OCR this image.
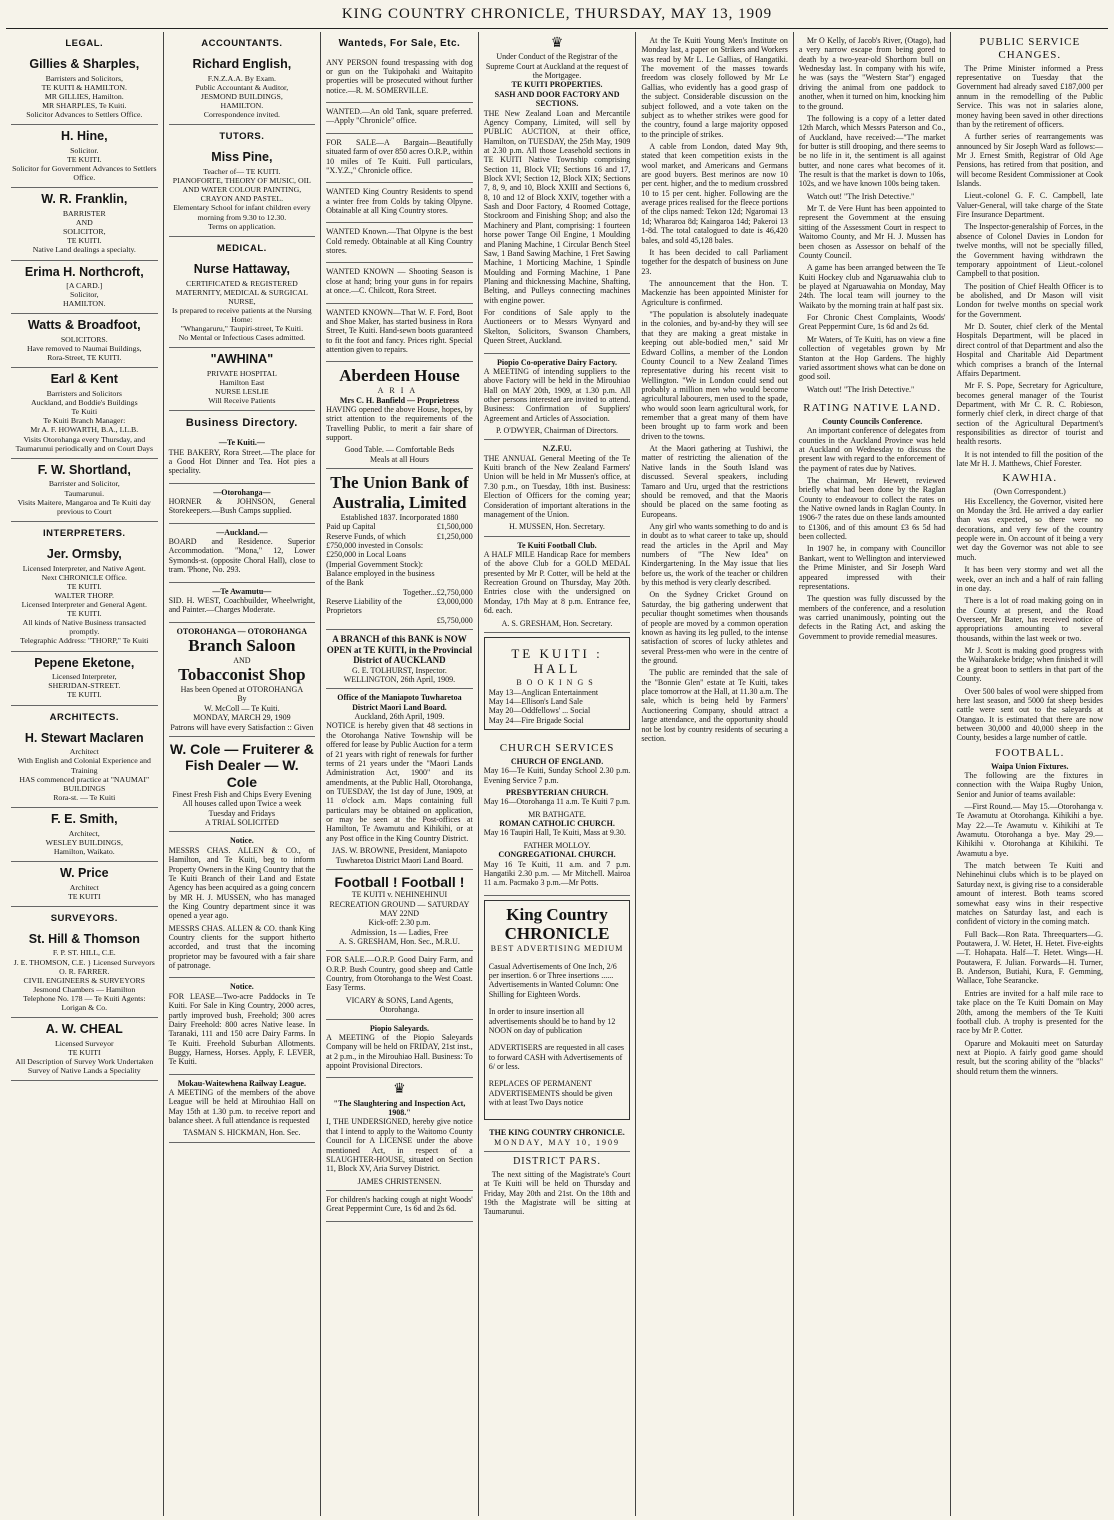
KING COUNTRY CHRONICLE, THURSDAY, MAY 13, 1909
LEGAL.
Gillies & Sharples,
Barristers and Solicitors,
TE KUITI & HAMILTON.
MR GILLIES, Hamilton.
MR SHARPLES, Te Kuiti.
Solicitor Advances to Settlers Office.
H. Hine,
Solicitor.
TE KUITI.
Solicitor for Government Advances to Settlers Office.
W. R. Franklin,
BARRISTER
AND
SOLICITOR,
TE KUITI.
Native Land dealings a specialty.
Erima H. Northcroft,
[A CARD.]
Solicitor,
HAMILTON.
Watts & Broadfoot,
SOLICITORS.
Have removed to Naumai Buildings,
Rora-Street, TE KUITI.
Earl & Kent
Barristers and Solicitors
Auckland, and Boddie's Buildings
Te Kuiti
Te Kuiti Branch Manager:
Mr A. F. HOWARTH, B.A., LL.B.
Visits Otorohanga every Thursday, and Taumarunui periodically and on Court Days
F. W. Shortland,
Barrister and Solicitor,
Taumarunui.
Visits Maitere, Mangaroa and Te Kuiti day previous to Court
INTERPRETERS.
Jer. Ormsby,
Licensed Interpreter, and Native Agent.
Next CHRONICLE Office.
TE KUITI.
WALTER THORP.
Licensed Interpreter and General Agent.
TE KUITI.
All kinds of Native Business transacted promptly.
Telegraphic Address: "THORP," Te Kuiti
Pepene Eketone,
Licensed Interpreter,
SHERIDAN-STREET.
TE KUITI.
ARCHITECTS.
H. Stewart Maclaren
Architect
With English and Colonial Experience and Training
HAS commenced practice at "NAUMAI" BUILDINGS
Rora-st. — Te Kuiti
F. E. Smith,
Architect,
WESLEY BUILDINGS,
Hamilton, Waikato.
W. Price
Architect
TE KUITI
SURVEYORS.
St. Hill & Thomson
F. P. ST. HILL, C.E.
J. E. THOMSON, C.E. } Licensed Surveyors
O. R. FARRER.
CIVIL ENGINEERS & SURVEYORS
Jesmond Chambers — Hamilton
Telephone No. 178 — Te Kuiti Agents: Lorigan & Co.
A. W. CHEAL
Licensed Surveyor
TE KUITI
All Description of Survey Work Undertaken
Survey of Native Lands a Speciality
ACCOUNTANTS.
Richard English,
F.N.Z.A.A. By Exam.
Public Accountant & Auditor,
JESMOND BUILDINGS,
HAMILTON.
Correspondence invited.
TUTORS.
Miss Pine,
Teacher of— TE KUITI.
PIANOFORTE, THEORY OF MUSIC, OIL AND WATER COLOUR PAINTING, CRAYON AND PASTEL.
Elementary School for infant children every morning from 9.30 to 12.30.
Terms on application.
MEDICAL.
Nurse Hattaway,
CERTIFICATED & REGISTERED
MATERNITY, MEDICAL & SURGICAL NURSE,
Is prepared to receive patients at the Nursing Home:
"Whangaruru," Taupiri-street, Te Kuiti.
No Mental or Infectious Cases admitted.
"AWHINA"
PRIVATE HOSPITAL
Hamilton East
NURSE LESLIE
Will Receive Patients
Business Directory.
—Te Kuiti.—

THE BAKERY, Rora Street.—The place for a Good Hot Dinner and Tea. Hot pies a speciality.

—Otorohanga—

HORNER & JOHNSON, General Storekeepers.—Bush Camps supplied.

—Auckland.—

BOARD and Residence. Superior Accommodation. "Mona," 12, Lower Symonds-st. (opposite Choral Hall), close to tram. 'Phone, No. 293.

—Te Awamutu—

SID. H. WEST, Coachbuilder, Wheelwright, and Painter.—Charges Moderate.

OTOROHANGA — OTOROHANGA
Branch Saloon
AND
Tobacconist Shop
Has been Opened at OTOROHANGA
By
W. McColl — Te Kuiti.
MONDAY, MARCH 29, 1909
Patrons will have every Satisfaction :: Given
W. Cole — Fruiterer & Fish Dealer — W. Cole
Finest Fresh Fish and Chips Every Evening
All houses called upon Twice a week Tuesday and Fridays
A TRIAL SOLICITED
Notice.

MESSRS CHAS. ALLEN & CO., of Hamilton, and Te Kuiti, beg to inform Property Owners in the King Country that the Te Kuiti Branch of their Land and Estate Agency has been acquired as a going concern by MR H. J. MUSSEN, who has managed the King Country department since it was opened a year ago.

MESSRS CHAS. ALLEN & CO. thank King Country clients for the support hitherto accorded, and trust that the incoming proprietor may be favoured with a fair share of patronage.

Notice.

FOR LEASE—Two-acre Paddocks in Te Kuiti. For Sale in King Country, 2000 acres, partly improved bush, Freehold; 300 acres Dairy Freehold: 800 acres Native lease. In Taranaki, 111 and 150 acre Dairy Farms. In Te Kuiti. Freehold Suburban Allotments. Buggy, Harness, Horses. Apply, F. LEVER, Te Kuiti.

Mokau-Waitewhena Railway League.

A MEETING of the members of the above League will be held at Mirouhiao Hall on May 15th at 1.30 p.m. to receive report and balance sheet. A full attendance is requested

TASMAN S. HICKMAN, Hon. Sec.
Wanteds, For Sale, Etc.

ANY PERSON found trespassing with dog or gun on the Tukipohaki and Waitapito properties will be prosecuted without further notice.—R. M. SOMERVILLE.

WANTED.—An old Tank, square preferred.—Apply "Chronicle" office.

FOR SALE—A Bargain—Beautifully situated farm of over 850 acres O.R.P., within 10 miles of Te Kuiti. Full particulars, "X.Y.Z.," Chronicle office.

WANTED King Country Residents to spend a winter free from Colds by taking Olpyne. Obtainable at all King Country stores.

WANTED Known.—That Olpyne is the best Cold remedy. Obtainable at all King Country stores.

WANTED KNOWN — Shooting Season is close at hand; bring your guns in for repairs at once.—C. Chilcott, Rora Street.

WANTED KNOWN—That W. F. Ford, Boot and Shoe Maker, has started business in Rora Street, Te Kuiti. Hand-sewn boots guaranteed to fit the foot and fancy. Prices right. Special attention given to repairs.

Aberdeen House
ARIA
Mrs C. H. Banfield — Proprietress

HAVING opened the above House, hopes, by strict attention to the requirements of the Travelling Public, to merit a fair share of support.

Good Table. — Comfortable Beds
Meals at all Hours
The Union Bank of Australia, Limited
Established 1837. Incorporated 1880
Paid up Capital	£1,500,000
Reserve Funds, of which £750,000 invested in Consols: £250,000 in Local Loans (Imperial Government Stock): Balance employed in the business of the Bank
£1,250,000
Together...£2,750,000
Reserve Liability of the Proprietors
£3,000,000
£5,750,000
A BRANCH of this BANK is NOW OPEN at TE KUITI, in the Provincial District of AUCKLAND
G. E. TOLHURST, Inspector.
WELLINGTON, 26th April, 1909.
Office of the Maniapoto Tuwharetoa District Maori Land Board.
Auckland, 26th April, 1909.

NOTICE is hereby given that 48 sections in the Otorohanga Native Township will be offered for lease by Public Auction for a term of 21 years with right of renewals for further terms of 21 years under the "Maori Lands Administration Act, 1900" and its amendments, at the Public Hall, Otorohanga, on TUESDAY, the 1st day of June, 1909, at 11 o'clock a.m. Maps containing full particulars may be obtained on application, or may be seen at the Post-offices at Hamilton, Te Awamutu and Kihikihi, or at any Post office in the King Country District.

JAS. W. BROWNE, President, Maniapoto Tuwharetoa District Maori Land Board.
Football ! Football !
TE KUITI v. NEHINEHINUI
RECREATION GROUND — SATURDAY MAY 22ND
Kick-off: 2.30 p.m.
Admission, 1s — Ladies, Free
A. S. GRESHAM, Hon. Sec., M.R.U.

FOR SALE.—O.R.P. Good Dairy Farm, and O.R.P. Bush Country, good sheep and Cattle Country, from Otorohanga to the West Coast. Easy Terms.

VICARY & SONS, Land Agents, Otorohanga.
Piopio Saleyards.

A MEETING of the Piopio Saleyards Company will be held on FRIDAY, 21st inst., at 2 p.m., in the Mirouhiao Hall. Business: To appoint Provisional Directors.

♛
"The Slaughtering and Inspection Act, 1908."

I, THE UNDERSIGNED, hereby give notice that I intend to apply to the Waitomo County Council for A LICENSE under the above mentioned Act, in respect of a SLAUGHTER-HOUSE, situated on Section 11, Block XV, Aria Survey District.

JAMES CHRISTENSEN.

For children's hacking cough at night Woods' Great Peppermint Cure, 1s 6d and 2s 6d.

♛
Under Conduct of the Registrar of the Supreme Court at Auckland at the request of the Mortgagee.
TE KUITI PROPERTIES.
SASH AND DOOR FACTORY AND SECTIONS.

THE New Zealand Loan and Mercantile Agency Company, Limited, will sell by PUBLIC AUCTION, at their office, Hamilton, on TUESDAY, the 25th May, 1909 at 2.30 p.m. All those Leasehold sections in TE KUITI Native Township comprising Section 11, Block VII; Sections 16 and 17, Block XVI; Section 12, Block XIX; Sections 7, 8, 9, and 10, Block XXIII and Sections 6, 8, 10 and 12 of Block XXIV, together with a Sash and Door Factory, 4 Roomed Cottage, Stockroom and Finishing Shop; and also the Machinery and Plant, comprising: 1 fourteen horse power Tange Oil Engine, 1 Moulding and Planing Machine, 1 Circular Bench Steel Saw, 1 Band Sawing Machine, 1 Fret Sawing Machine, 1 Morticing Machine, 1 Spindle Moulding and Forming Machine, 1 Pane Planing and thicknessing Machine, Shafting, Belting, and Pulleys connecting machines with engine power.

For conditions of Sale apply to the Auctioneers or to Messrs Wynyard and Skelton, Solicitors, Swanson Chambers, Queen Street, Auckland.

Piopio Co-operative Dairy Factory.

A MEETING of intending suppliers to the above Factory will be held in the Mirouhiao Hall on MAY 20th, 1909, at 1.30 p.m. All other persons interested are invited to attend. Business: Confirmation of Suppliers' Agreement and Articles of Association.

P. O'DWYER, Chairman of Directors.
N.Z.F.U.

THE ANNUAL General Meeting of the Te Kuiti branch of the New Zealand Farmers' Union will be held in Mr Mussen's office, at 7.30 p.m., on Tuesday, 18th inst. Business: Election of Officers for the coming year; Consideration of important alterations in the management of the Union.

H. MUSSEN, Hon. Secretary.
Te Kuiti Football Club.

A HALF MILE Handicap Race for members of the above Club for a GOLD MEDAL presented by Mr P. Cotter, will be held at the Recreation Ground on Thursday, May 20th. Entries close with the undersigned on Monday, 17th May at 8 p.m. Entrance fee, 6d. each.

A. S. GRESHAM, Hon. Secretary.
TE KUITI : HALL
BOOKINGS
May 13—Anglican Entertainment
May 14—Ellison's Land Sale
May 20—Oddfellows' ... Social
May 24—Fire Brigade Social
CHURCH SERVICES
CHURCH OF ENGLAND.

May 16—Te Kuiti, Sunday School 2.30 p.m. Evening Service 7 p.m.

PRESBYTERIAN CHURCH.

May 16—Otorohanga 11 a.m. Te Kuiti 7 p.m.

MR BATHGATE.
ROMAN CATHOLIC CHURCH.

May 16 Taupiri Hall, Te Kuiti, Mass at 9.30.

FATHER MOLLOY.
CONGREGATIONAL CHURCH.

May 16 Te Kuiti, 11 a.m. and 7 p.m. Hangatiki 2.30 p.m. — Mr Mitchell. Mairoa 11 a.m. Pacmako 3 p.m.—Mr Potts.

King Country CHRONICLE
BEST ADVERTISING MEDIUM

Casual Advertisements of One Inch, 2/6 per insertion. 6 or Three insertions ...... Advertisements in Wanted Column: One Shilling for Eighteen Words.

In order to insure insertion all advertisements should be to hand by 12 NOON on day of publication

ADVERTISERS are requested in all cases to forward CASH with Advertisements of 6/ or less.

REPLACES OF PERMANENT ADVERTISEMENTS should be given with at least Two Days notice

THE KING COUNTRY CHRONICLE.
MONDAY, MAY 10, 1909
DISTRICT PARS.

The next sitting of the Magistrate's Court at Te Kuiti will be held on Thursday and Friday, May 20th and 21st. On the 18th and 19th the Magistrate will be sitting at Taumarunui.

At the Te Kuiti Young Men's Institute on Monday last, a paper on Strikers and Workers was read by Mr L. Le Gallias, of Hangatiki. The movement of the masses towards freedom was closely followed by Mr Le Gallias, who evidently has a good grasp of the subject. Considerable discussion on the subject followed, and a vote taken on the subject as to whether strikes were good for the country, found a large majority opposed to the principle of strikes.

A cable from London, dated May 9th, stated that keen competition exists in the wool market, and Americans and Germans are good buyers. Best merinos are now 10 per cent. higher, and the to medium crossbred 10 to 15 per cent. higher. Following are the average prices realised for the fleece portions of the clips named: Tekon 12d; Ngaromai 13 1d; Whararoa 8d; Kaingaroa 14d; Pakeroi 13 1-8d. The total catalogued to date is 46,420 bales, and sold 45,128 bales.

It has been decided to call Parliament together for the despatch of business on June 23.

The announcement that the Hon. T. Mackenzie has been appointed Minister for Agriculture is confirmed.

"The population is absolutely inadequate in the colonies, and by-and-by they will see that they are making a great mistake in keeping out able-bodied men," said Mr Edward Collins, a member of the London County Council to a New Zealand Times representative during his recent visit to Wellington. "We in London could send out probably a million men who would become agricultural labourers, men used to the spade, who would soon learn agricultural work, for remember that a great many of them have been brought up to farm work and been driven to the towns.

At the Maori gathering at Tushiwi, the matter of restricting the alienation of the Native lands in the South Island was discussed. Several speakers, including Tamaro and Uru, urged that the restrictions should be removed, and that the Maoris should be placed on the same footing as Europeans.

Any girl who wants something to do and is in doubt as to what career to take up, should read the articles in the April and May numbers of "The New Idea" on Kindergartening. In the May issue that lies before us, the work of the teacher or children by this method is very clearly described.

On the Sydney Cricket Ground on Saturday, the big gathering underwent that peculiar thought sometimes when thousands of people are moved by a common operation known as having its leg pulled, to the intense satisfaction of scores of lucky athletes and several Press-men who were in the centre of the ground.

The public are reminded that the sale of the "Bonnie Glen" estate at Te Kuiti, takes place tomorrow at the Hall, at 11.30 a.m. The sale, which is being held by Farmers' Auctioneering Company, should attract a large attendance, and the opportunity should not be lost by country residents of securing a section.

Mr O Kelly, of Jacob's River, (Otago), had a very narrow escape from being gored to death by a two-year-old Shorthorn bull on Wednesday last. In company with his wife, he was (says the "Western Star") engaged driving the animal from one paddock to another, when it turned on him, knocking him to the ground.

The following is a copy of a letter dated 12th March, which Messrs Paterson and Co., of Auckland, have received:—"The market for butter is still drooping, and there seems to be no life in it, the sentiment is all against butter, and none cares what becomes of it. The result is that the market is down to 106s, 102s, and we have known 100s being taken.

Watch out! "The Irish Detective."

Mr T. de Vere Hunt has been appointed to represent the Government at the ensuing sitting of the Assessment Court in respect to Waitomo County, and Mr H. J. Mussen has been chosen as Assessor on behalf of the County Council.

A game has been arranged between the Te Kuiti Hockey club and Ngaruawahia club to be played at Ngaruawahia on Monday, May 24th. The local team will journey to the Waikato by the morning train at half past six.

For Chronic Chest Complaints, Woods' Great Peppermint Cure, 1s 6d and 2s 6d.

Mr Waters, of Te Kuiti, has on view a fine collection of vegetables grown by Mr Stanton at the Hop Gardens. The highly varied assortment shows what can be done on good soil.

Watch out! "The Irish Detective."

RATING NATIVE LAND.
County Councils Conference.

An important conference of delegates from counties in the Auckland Province was held at Auckland on Wednesday to discuss the present law with regard to the enforcement of the payment of rates due by Natives.

The chairman, Mr Hewett, reviewed briefly what had been done by the Raglan County to endeavour to collect the rates on the Native owned lands in Raglan County. In 1906-7 the rates due on these lands amounted to £1306, and of this amount £3 6s 5d had been collected.

In 1907 he, in company with Councillor Bankart, went to Wellington and interviewed the Prime Minister, and Sir Joseph Ward appeared impressed with their representations.

The question was fully discussed by the members of the conference, and a resolution was carried unanimously, pointing out the defects in the Rating Act, and asking the Government to provide remedial measures.

PUBLIC SERVICE CHANGES.

The Prime Minister informed a Press representative on Tuesday that the Government had already saved £187,000 per annum in the remodelling of the Public Service. This was not in salaries alone, money having been saved in other directions than by the retirement of officers.

A further series of rearrangements was announced by Sir Joseph Ward as follows:—Mr J. Ernest Smith, Registrar of Old Age Pensions, has retired from that position, and will become Resident Commissioner at Cook Islands.

Lieut.-colonel G. F. C. Campbell, late Valuer-General, will take charge of the State Fire Insurance Department.

The Inspector-generalship of Forces, in the absence of Colonel Davies in London for twelve months, will not be specially filled, the Government having withdrawn the temporary appointment of Lieut.-colonel Campbell to that position.

The position of Chief Health Officer is to be abolished, and Dr Mason will visit London for twelve months on special work for the Government.

Mr D. Souter, chief clerk of the Mental Hospitals Department, will be placed in direct control of that Department and also the Hospital and Charitable Aid Department which comprises a branch of the Internal Affairs Department.

Mr F. S. Pope, Secretary for Agriculture, becomes general manager of the Tourist Department, with Mr C. R. C. Robieson, formerly chief clerk, in direct charge of that section of the Agricultural Department's responsibilities as director of tourist and health resorts.

It is not intended to fill the position of the late Mr H. J. Matthews, Chief Forester.

KAWHIA.
(Own Correspondent.)

His Excellency, the Governor, visited here on Monday the 3rd. He arrived a day earlier than was expected, so there were no decorations, and very few of the country people were in. On account of it being a very wet day the Governor was not able to see much.

It has been very stormy and wet all the week, over an inch and a half of rain falling in one day.

There is a lot of road making going on in the County at present, and the Road Overseer, Mr Bater, has received notice of appropriations amounting to several thousands, within the last week or two.

Mr J. Scott is making good progress with the Waiharakeke bridge; when finished it will be a great boon to settlers in that part of the County.

Over 500 bales of wool were shipped from here last season, and 5000 fat sheep besides cattle were sent out to the saleyards at Otangao. It is estimated that there are now between 30,000 and 40,000 sheep in the County, besides a large number of cattle.

FOOTBALL.
Waipa Union Fixtures.

The following are the fixtures in connection with the Waipa Rugby Union, Senior and Junior of teams available:

—First Round.— May 15.—Otorohanga v. Te Awamutu at Otorohanga. Kihikihi a bye. May 22.—Te Awamutu v. Kihikihi at Te Awamutu. Otorohanga a bye. May 29.—Kihikihi v. Otorohanga at Kihikihi. Te Awamutu a bye.

The match between Te Kuiti and Nehinehinui clubs which is to be played on Saturday next, is giving rise to a considerable amount of interest. Both teams scored somewhat easy wins in their respective matches on Saturday last, and each is confident of victory in the coming match.

Full Back—Ron Rata. Threequarters—G. Poutawera, J. W. Hetet, H. Hetet. Five-eights—T. Hohapata. Half—T. Hetet. Wings—H. Poutawera, F. Julian. Forwards—H. Turner, B. Anderson, Butiahi, Kura, F. Gemming, Wallace, Tohe Searancke.

Entries are invited for a half mile race to take place on the Te Kuiti Domain on May 20th, among the members of the Te Kuiti football club. A trophy is presented for the race by Mr P. Cotter.

Oparure and Mokauiti meet on Saturday next at Piopio. A fairly good game should result, but the scoring ability of the "blacks" should return them the winners.
